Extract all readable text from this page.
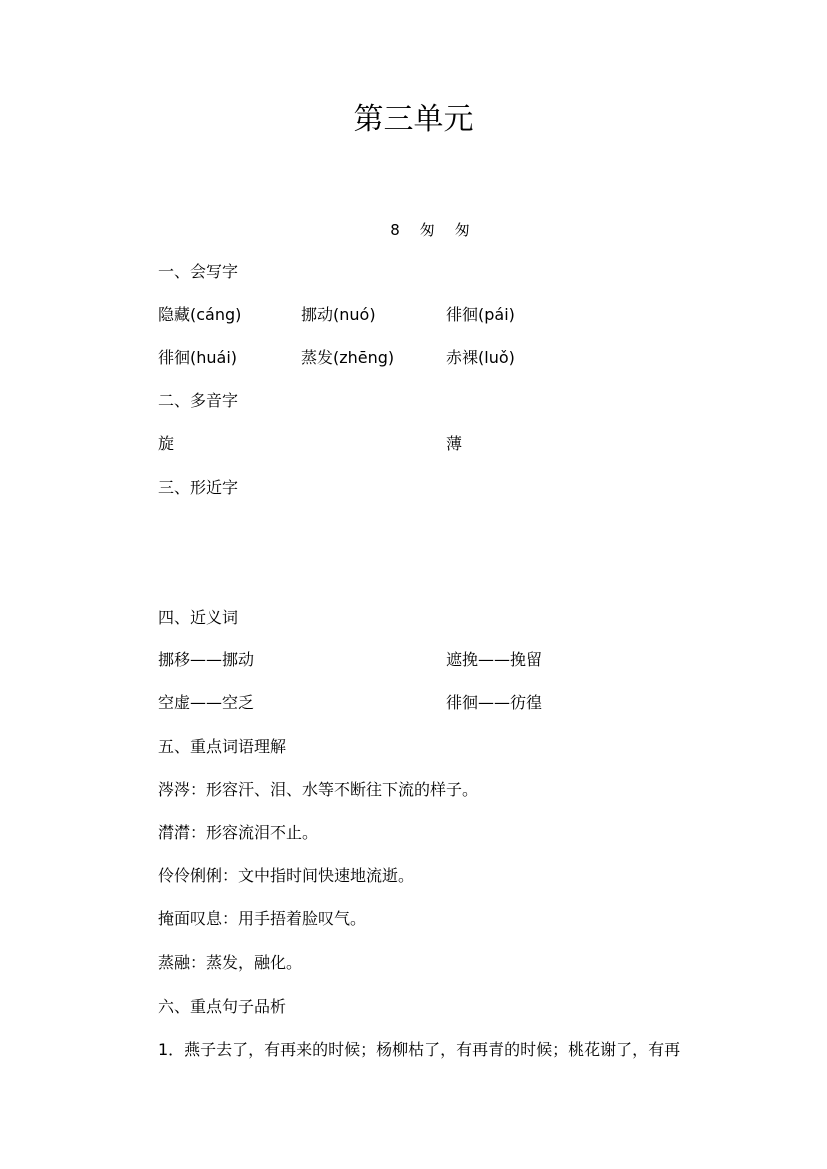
第三单元
8 匆 匆
一、会写字
隐藏(cáng)	挪动(nuó)	徘徊(pái)
徘徊(huái)	蒸发(zhēng)	赤裸(luǒ)
二、多音字
旋	薄
三、形近字
四、近义词
挪移——挪动	遮挽——挽留
空虚——空乏	徘徊——彷徨
五、重点词语理解
涔涔：形容汗、泪、水等不断往下流的样子。
潸潸：形容流泪不止。
伶伶俐俐：文中指时间快速地流逝。
掩面叹息：用手捂着脸叹气。
蒸融：蒸发，融化。
六、重点句子品析
1．燕子去了，有再来的时候；杨柳枯了，有再青的时候；桃花谢了，有再
